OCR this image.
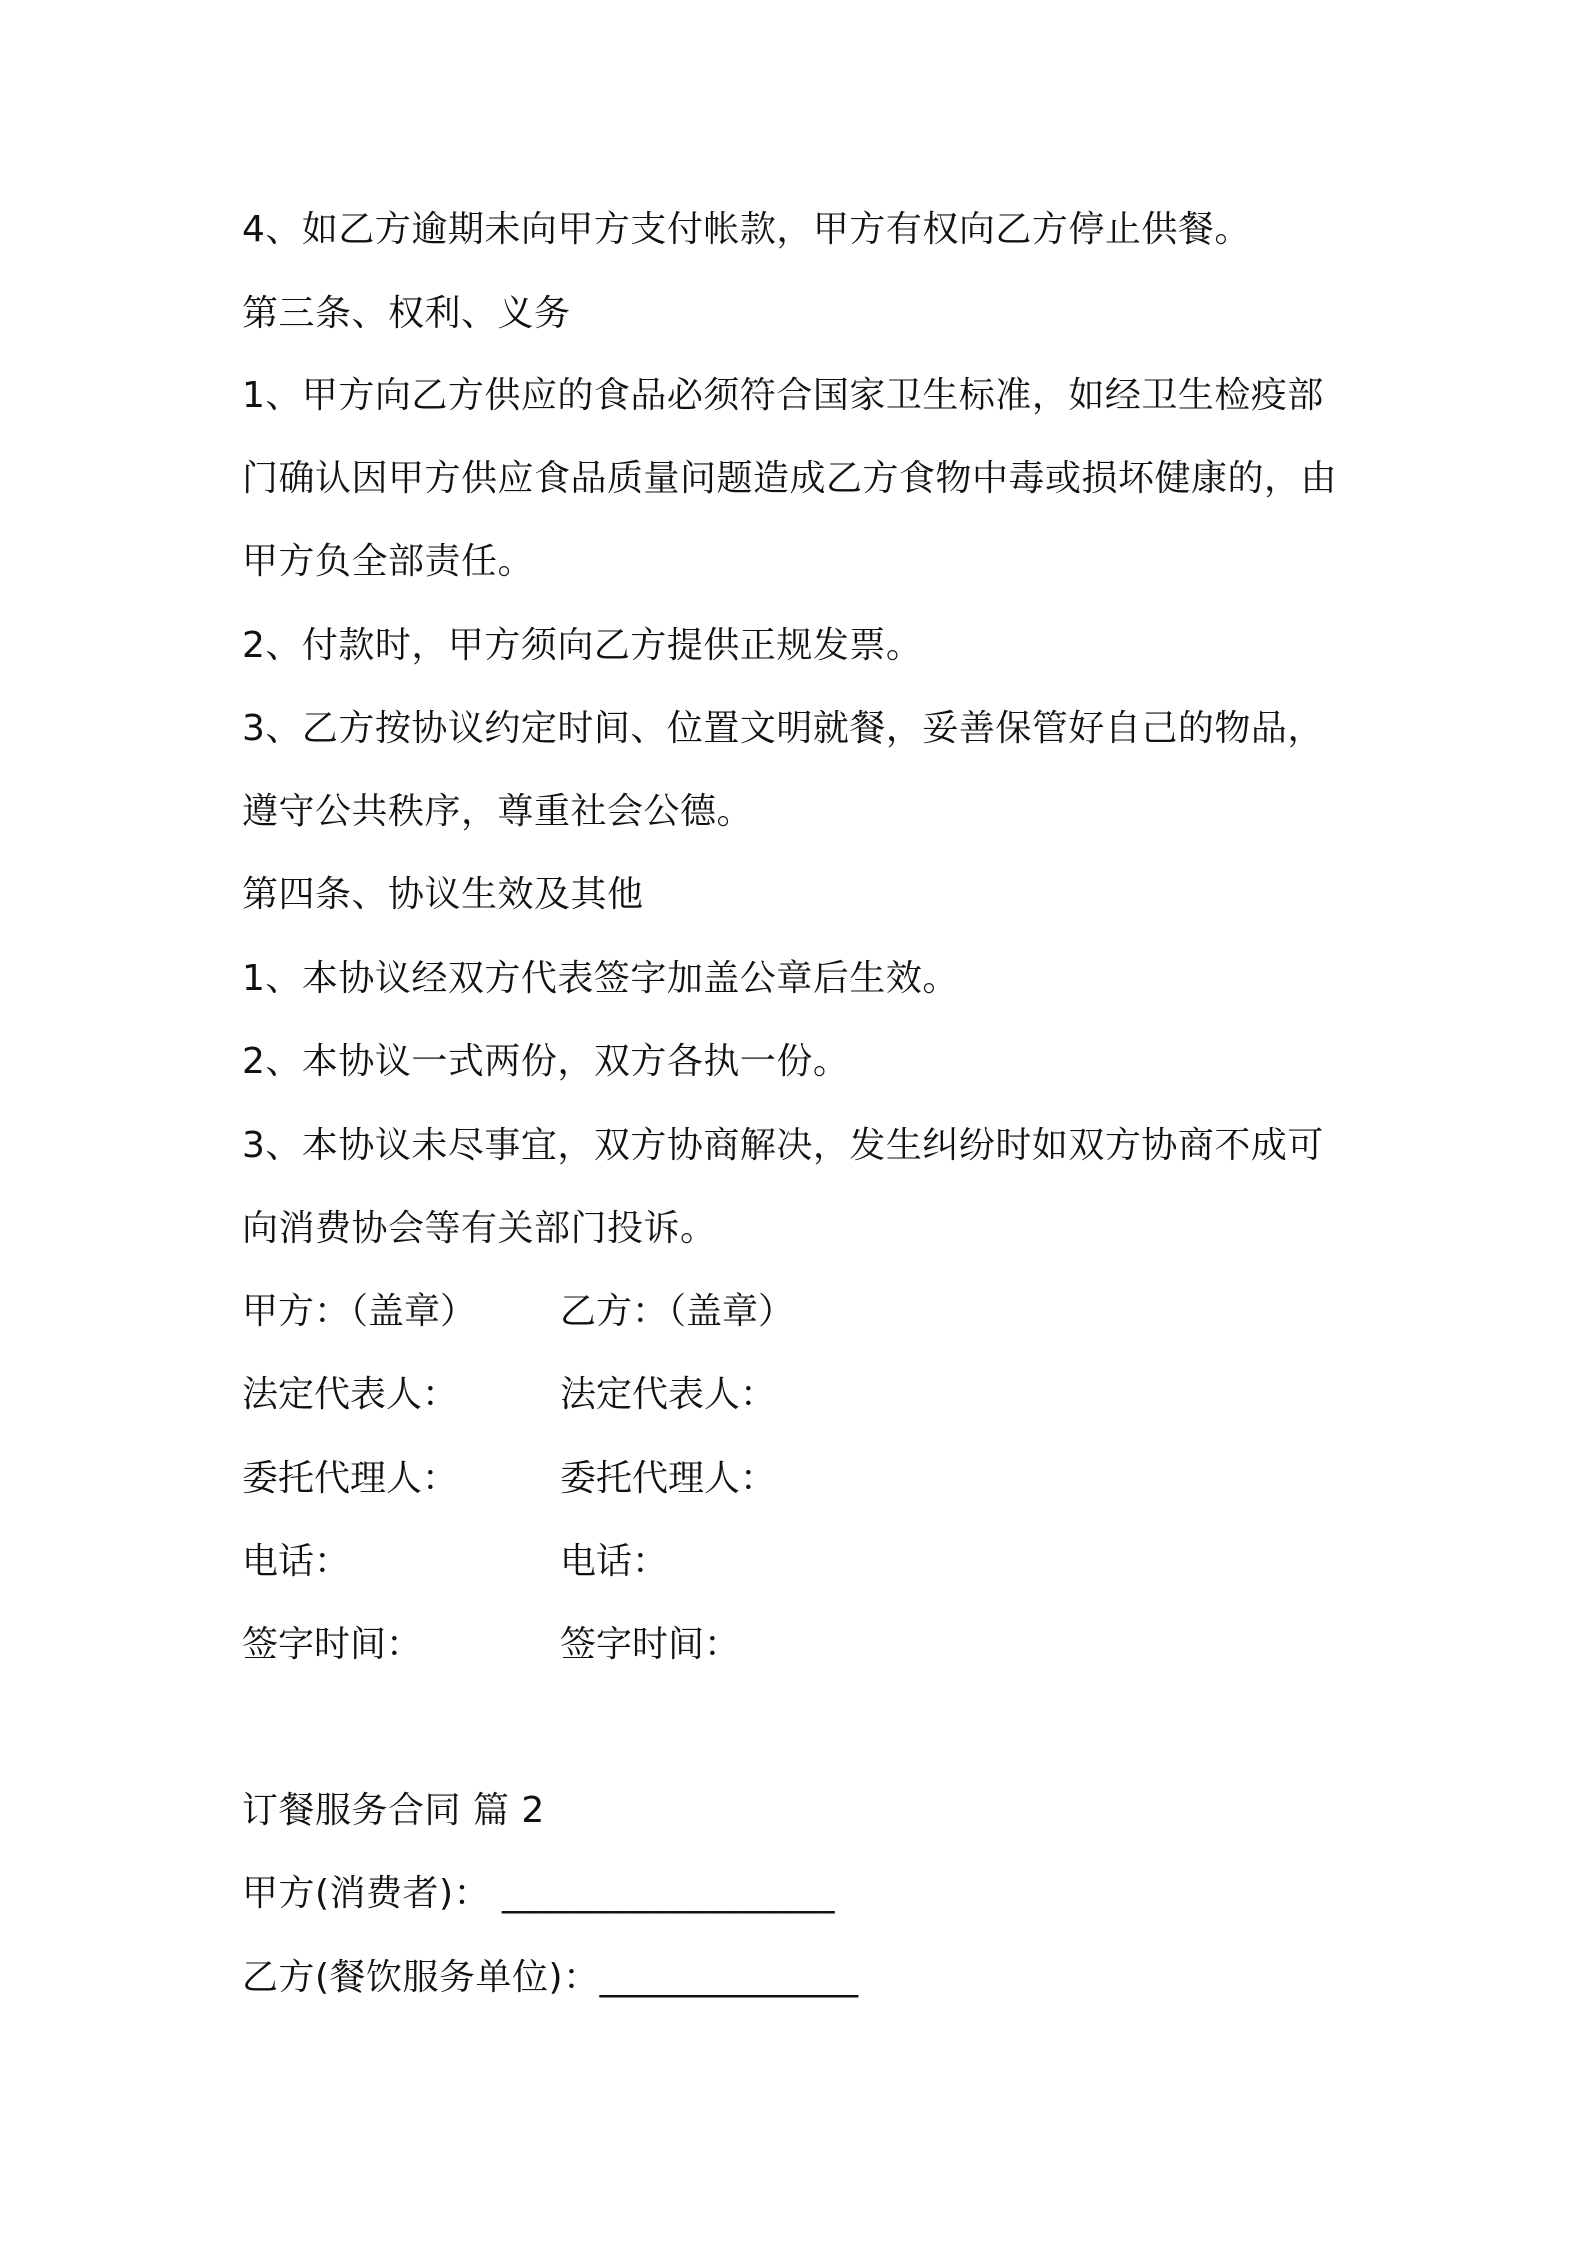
4、如乙方逾期未向甲方支付帐款，甲方有权向乙方停止供餐。
第三条、权利、义务
1、甲方向乙方供应的食品必须符合国家卫生标准，如经卫生检疫部
门确认因甲方供应食品质量问题造成乙方食物中毒或损坏健康的，由
甲方负全部责任。
2、付款时，甲方须向乙方提供正规发票。
3、乙方按协议约定时间、位置文明就餐，妥善保管好自己的物品，
遵守公共秩序，尊重社会公德。
第四条、协议生效及其他
1、本协议经双方代表签字加盖公章后生效。
2、本协议一式两份，双方各执一份。
3、本协议未尽事宜，双方协商解决，发生纠纷时如双方协商不成可
向消费协会等有关部门投诉。
甲方：（盖章） 乙方：（盖章）
法定代表人：	法定代表人：
委托代理人：	委托代理人：
电话：	电话：
签字时间：	签字时间：
订餐服务合同 篇 2
甲方(消费者)： __________________
乙方(餐饮服务单位)：______________
